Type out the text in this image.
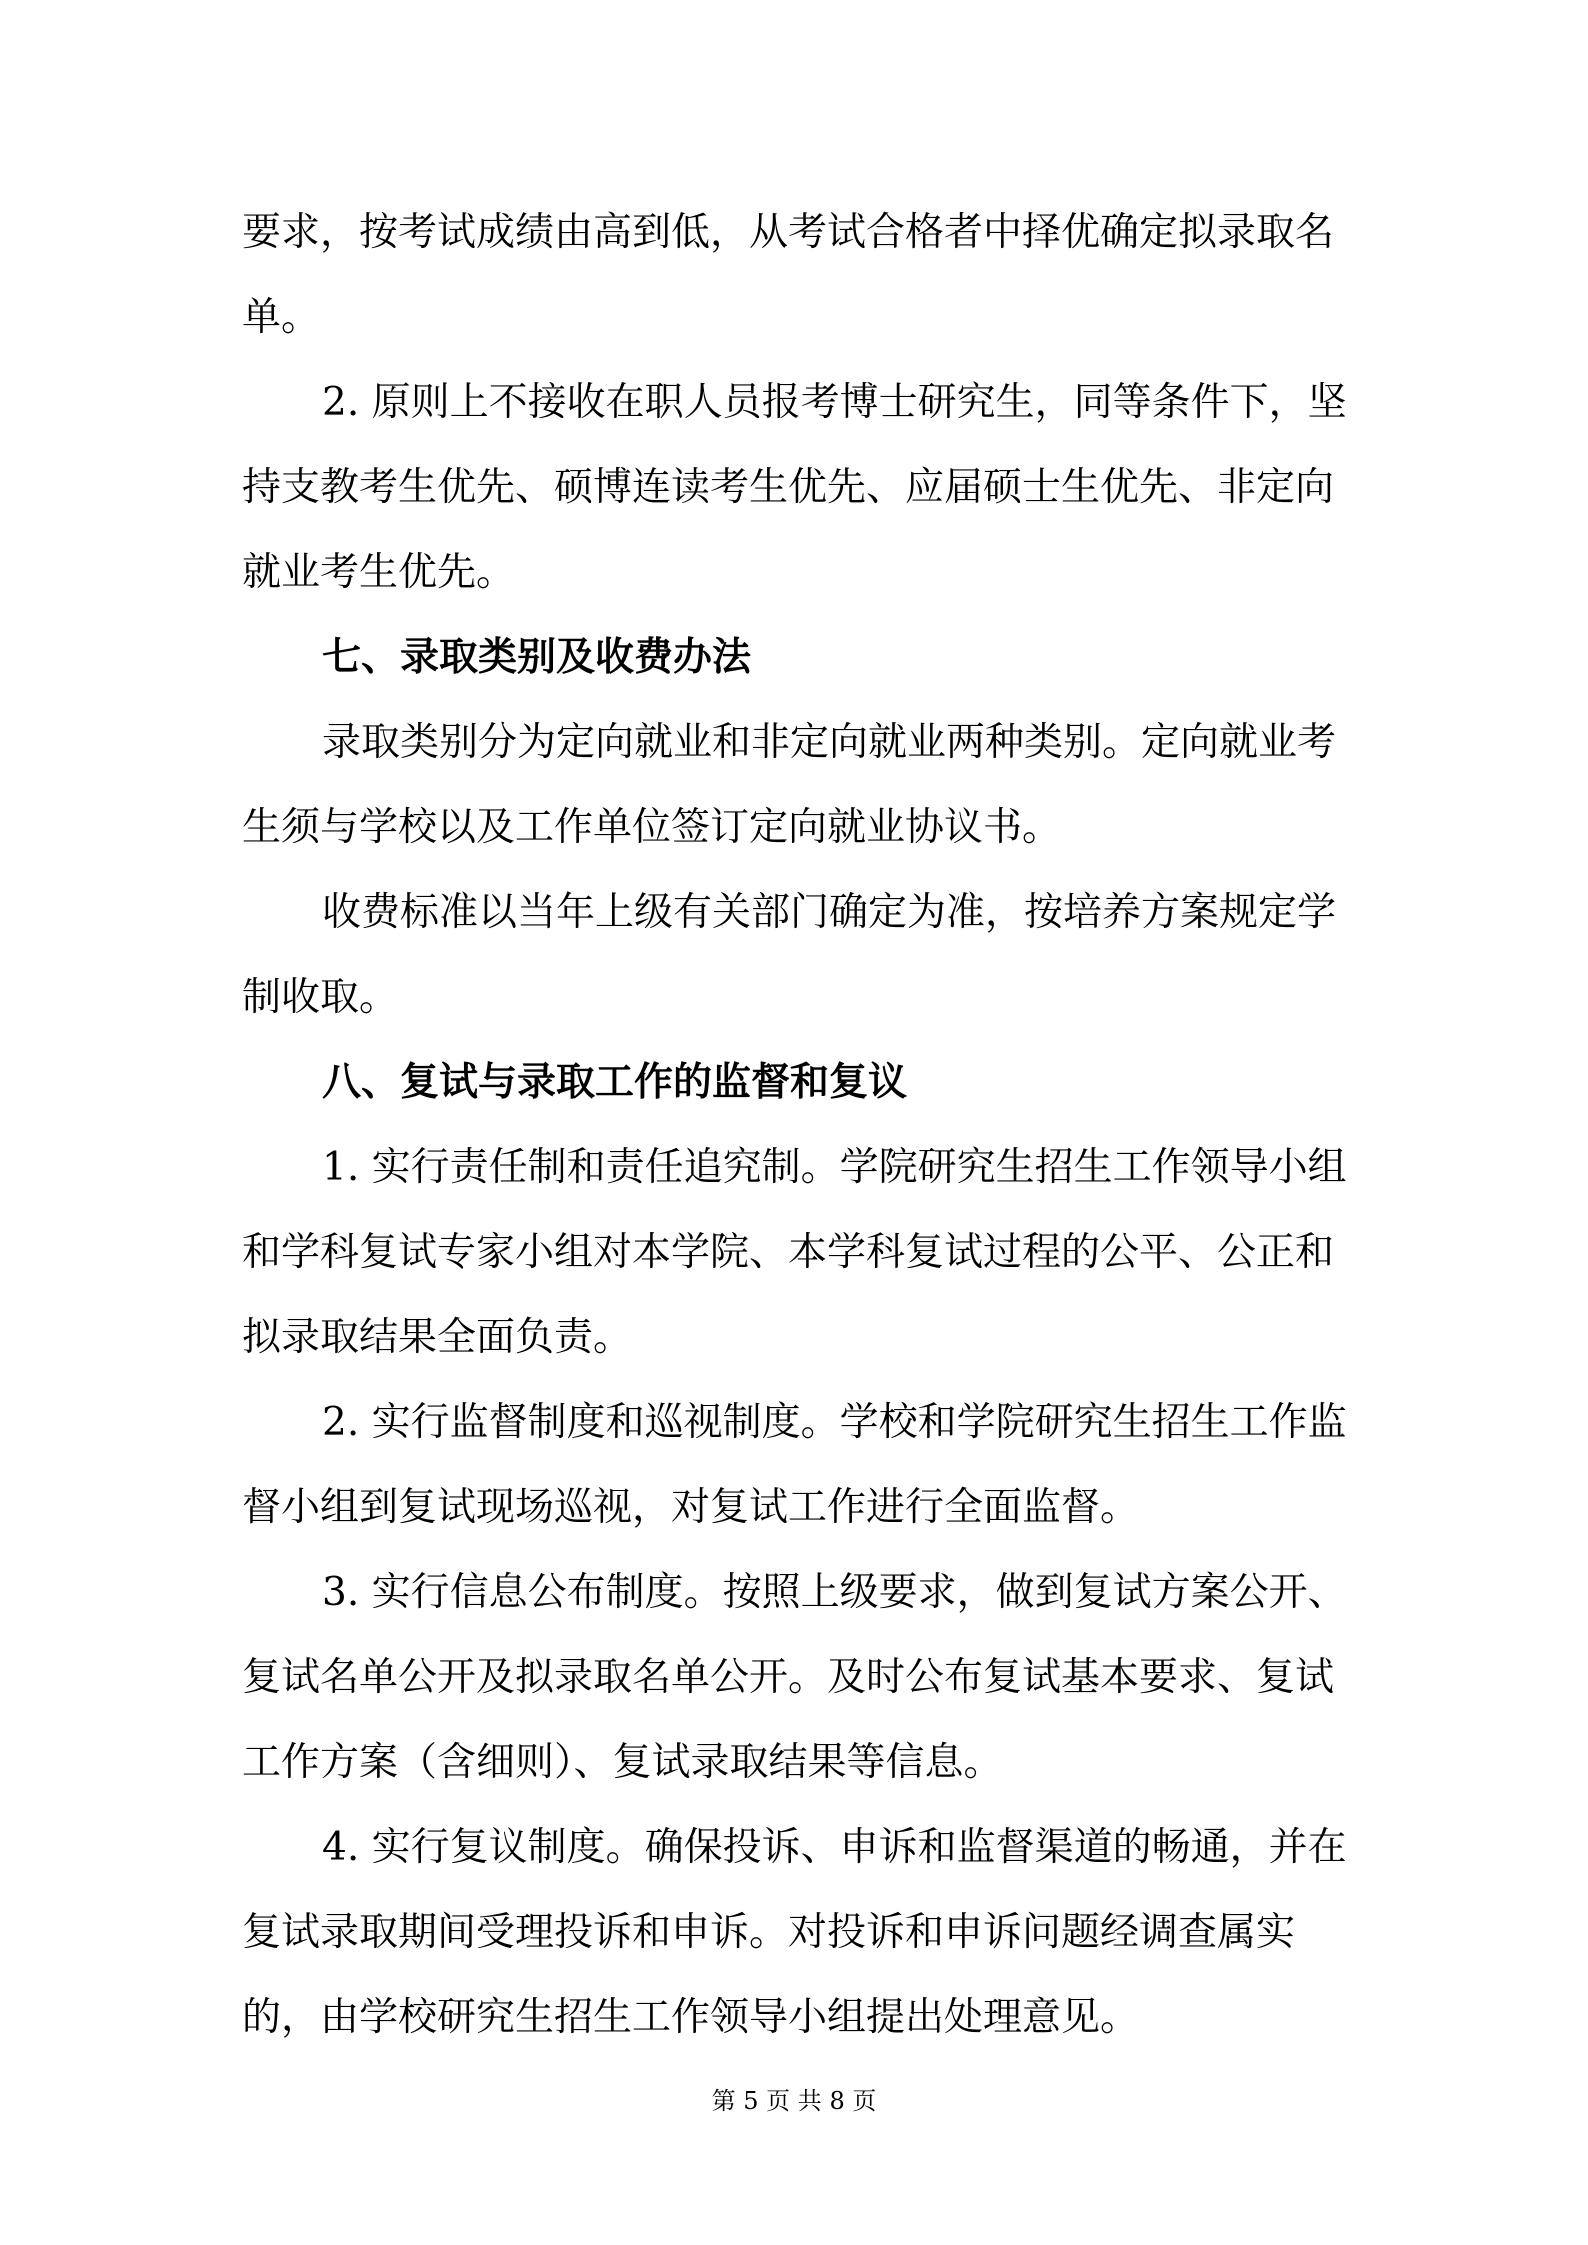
要求，按考试成绩由高到低，从考试合格者中择优确定拟录取名
单。
2. 原则上不接收在职人员报考博士研究生，同等条件下，坚
持支教考生优先、硕博连读考生优先、应届硕士生优先、非定向
就业考生优先。
七、录取类别及收费办法
录取类别分为定向就业和非定向就业两种类别。定向就业考
生须与学校以及工作单位签订定向就业协议书。
收费标准以当年上级有关部门确定为准，按培养方案规定学
制收取。
八、复试与录取工作的监督和复议
1. 实行责任制和责任追究制。学院研究生招生工作领导小组
和学科复试专家小组对本学院、本学科复试过程的公平、公正和
拟录取结果全面负责。
2. 实行监督制度和巡视制度。学校和学院研究生招生工作监
督小组到复试现场巡视，对复试工作进行全面监督。
3. 实行信息公布制度。按照上级要求，做到复试方案公开、
复试名单公开及拟录取名单公开。及时公布复试基本要求、复试
工作方案（含细则）、复试录取结果等信息。
4. 实行复议制度。确保投诉、申诉和监督渠道的畅通，并在
复试录取期间受理投诉和申诉。对投诉和申诉问题经调查属实
的，由学校研究生招生工作领导小组提出处理意见。
第 5 页 共 8 页
